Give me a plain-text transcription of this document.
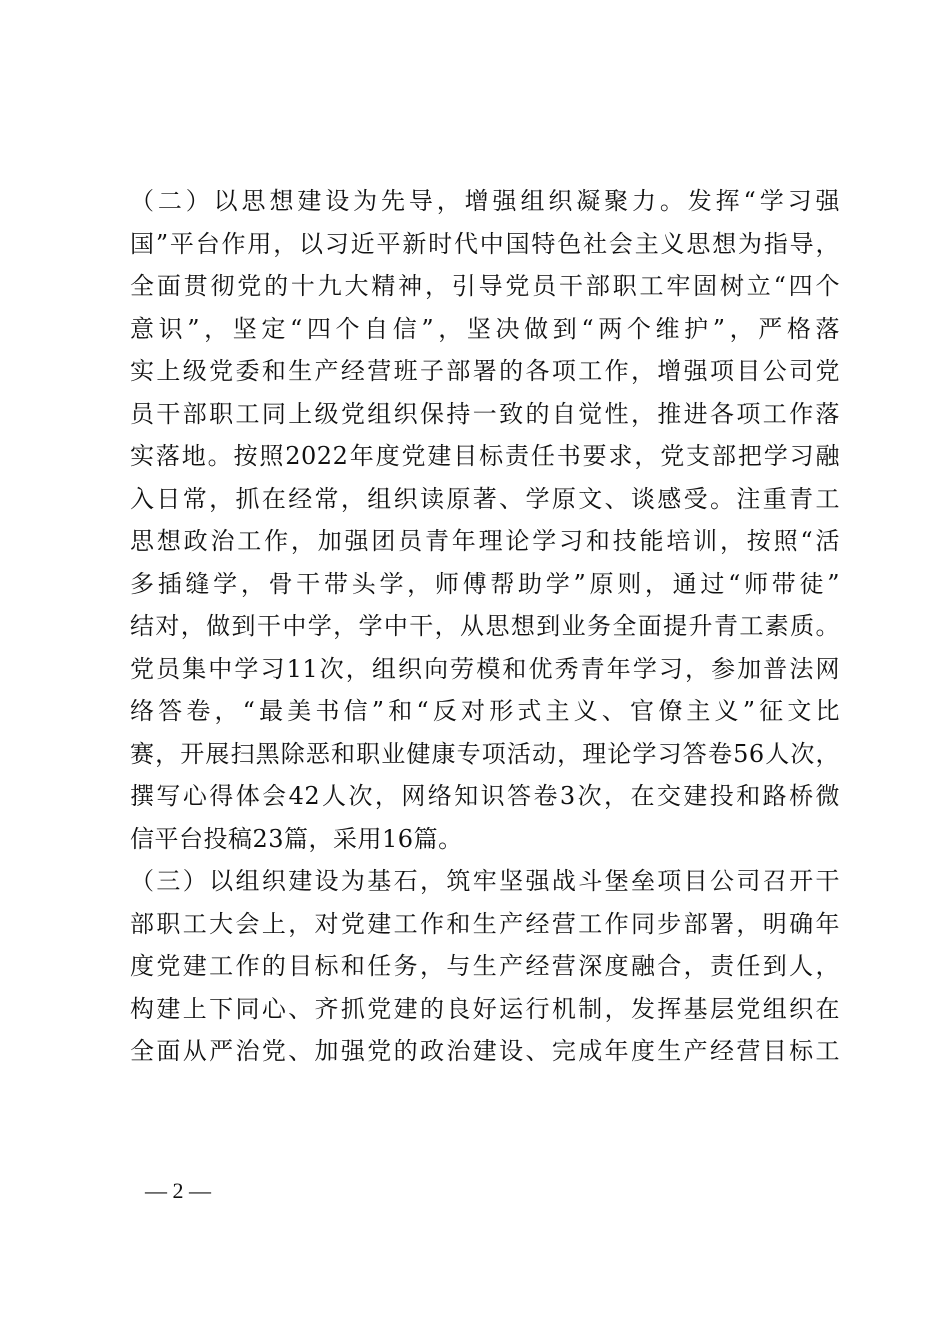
（二）以思想建设为先导，增强组织凝聚力。发挥“学习强
国”平台作用，以习近平新时代中国特色社会主义思想为指导，
全面贯彻党的十九大精神，引导党员干部职工牢固树立“四个
意识”，坚定“四个自信”，坚决做到“两个维护”，严格落
实上级党委和生产经营班子部署的各项工作，增强项目公司党
员干部职工同上级党组织保持一致的自觉性，推进各项工作落
实落地。按照2022年度党建目标责任书要求，党支部把学习融
入日常，抓在经常，组织读原著、学原文、谈感受。注重青工
思想政治工作，加强团员青年理论学习和技能培训，按照“活
多插缝学，骨干带头学，师傅帮助学”原则，通过“师带徒”
结对，做到干中学，学中干，从思想到业务全面提升青工素质。
党员集中学习11次，组织向劳模和优秀青年学习，参加普法网
络答卷，“最美书信”和“反对形式主义、官僚主义”征文比
赛，开展扫黑除恶和职业健康专项活动，理论学习答卷56人次，
撰写心得体会42人次，网络知识答卷3次，在交建投和路桥微
信平台投稿23篇，采用16篇。
（三）以组织建设为基石，筑牢坚强战斗堡垒项目公司召开干
部职工大会上，对党建工作和生产经营工作同步部署，明确年
度党建工作的目标和任务，与生产经营深度融合，责任到人，
构建上下同心、齐抓党建的良好运行机制，发挥基层党组织在
全面从严治党、加强党的政治建设、完成年度生产经营目标工
— 2 —
